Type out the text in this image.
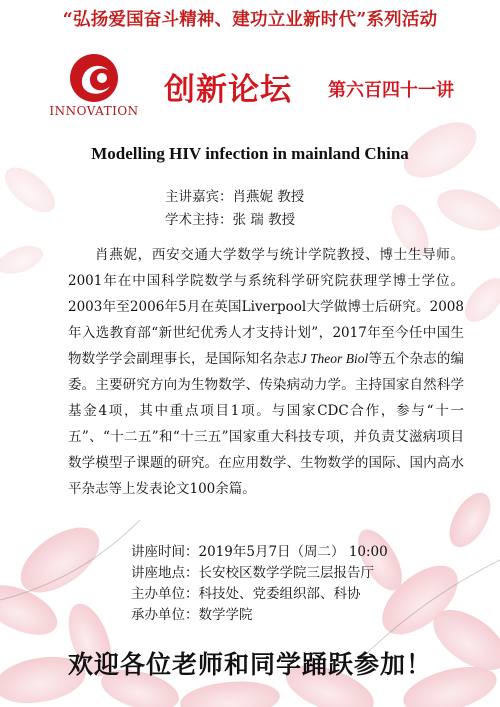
“弘扬爱国奋斗精神、建功立业新时代”系列活动
INNOVATION
创新论坛 第六百四十一讲
Modelling HIV infection in mainland China
主讲嘉宾：肖燕妮 教授
学术主持：张 瑞 教授

肖燕妮，西安交通大学数学与统计学院教授、博士生导师。2001年在中国科学院数学与系统科学研究院获理学博士学位。2003年至2006年5月在英国Liverpool大学做博士后研究。2008年入选教育部“新世纪优秀人才支持计划”，2017年至今任中国生物数学学会副理事长，是国际知名杂志J Theor Biol等五个杂志的编委。主要研究方向为生物数学、传染病动力学。主持国家自然科学基金4项，其中重点项目1项。与国家CDC合作，参与“十一五”、“十二五”和“十三五”国家重大科技专项，并负责艾滋病项目数学模型子课题的研究。在应用数学、生物数学的国际、国内高水平杂志等上发表论文100余篇。

讲座时间：2019年5月7日（周二） 10:00
讲座地点：长安校区数学学院三层报告厅
主办单位：科技处、党委组织部、科协
承办单位：数学学院
欢迎各位老师和同学踊跃参加！
